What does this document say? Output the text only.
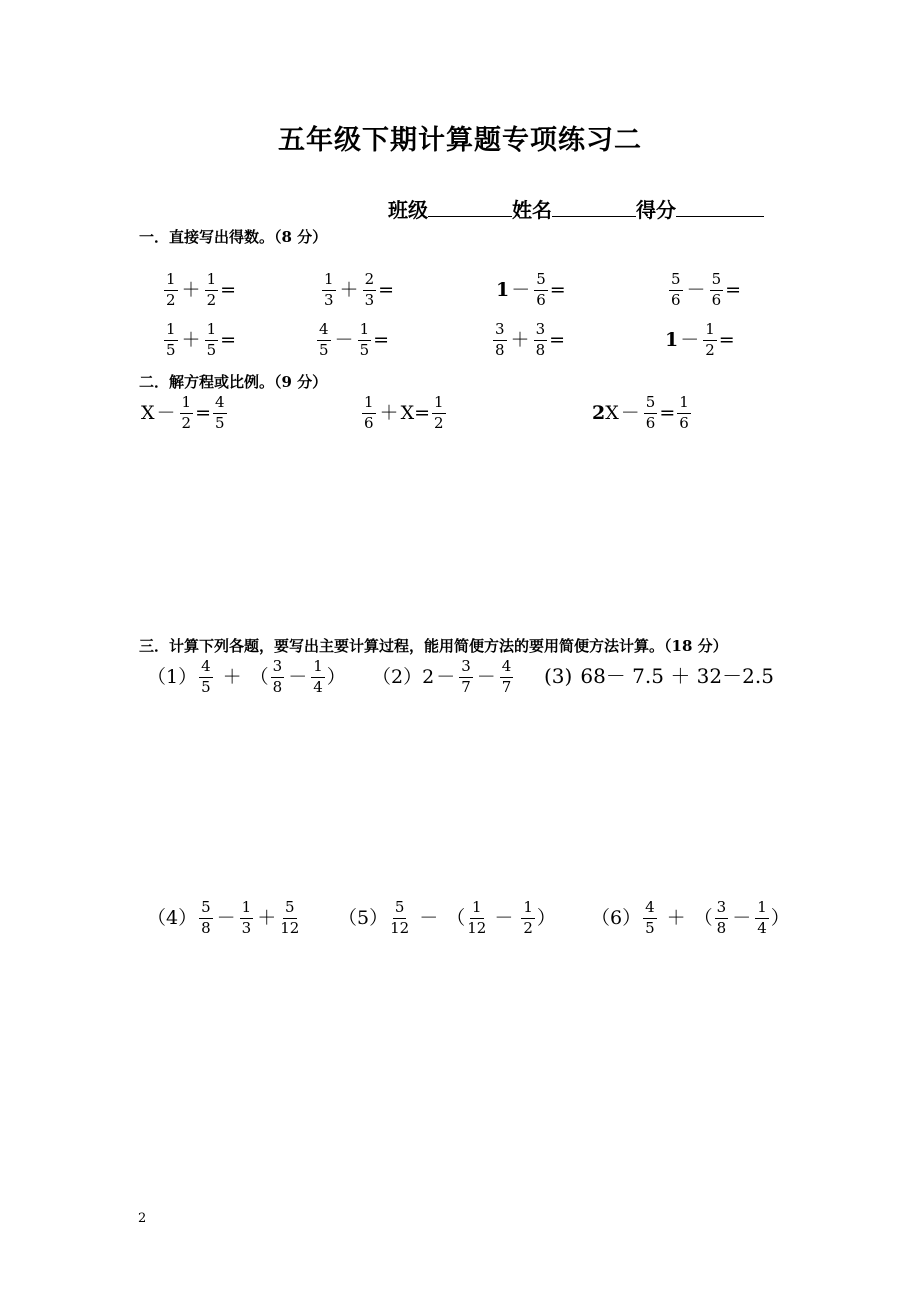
五年级下期计算题专项练习二
班级	姓名	得分
一．直接写出得数。（8 分）
$\frac{1}{2} + \frac{1}{2}$ =	$\frac{1}{3} + \frac{2}{3}$ =	$1 - \frac{5}{6}$ =	$\frac{5}{6} - \frac{5}{6}$ =
$\frac{1}{5} + \frac{1}{5}$ =	$\frac{4}{5} - \frac{1}{5}$ =	$\frac{3}{8} + \frac{3}{8}$ =	$1 - \frac{1}{2}$ =
二．解方程或比例。（9 分）
$X - \frac{1}{2} = \frac{4}{5}$	$\frac{1}{6} + X = \frac{1}{2}$	2 $X - \frac{5}{6} = \frac{1}{6}$
三．计算下列各题，要写出主要计算过程，能用简便方法的要用简便方法计算。（18 分）
$(1) \frac{4}{5}$ ＋ （ $\frac{3}{8} - \frac{1}{4}$ ） （2） $2 - \frac{3}{7} - \frac{4}{7} (3)$ 68－ 7.5 ＋ 32－2.5
$(4) \frac{5}{8} - \frac{1}{3} + \frac{5}{12} (5) \frac{5}{12}$ － （ $\frac{1}{12} - \frac{1}{2}$ ） $(6) \frac{4}{5}$ ＋ （ $\frac{3}{8} - \frac{1}{4}$ ）
2
